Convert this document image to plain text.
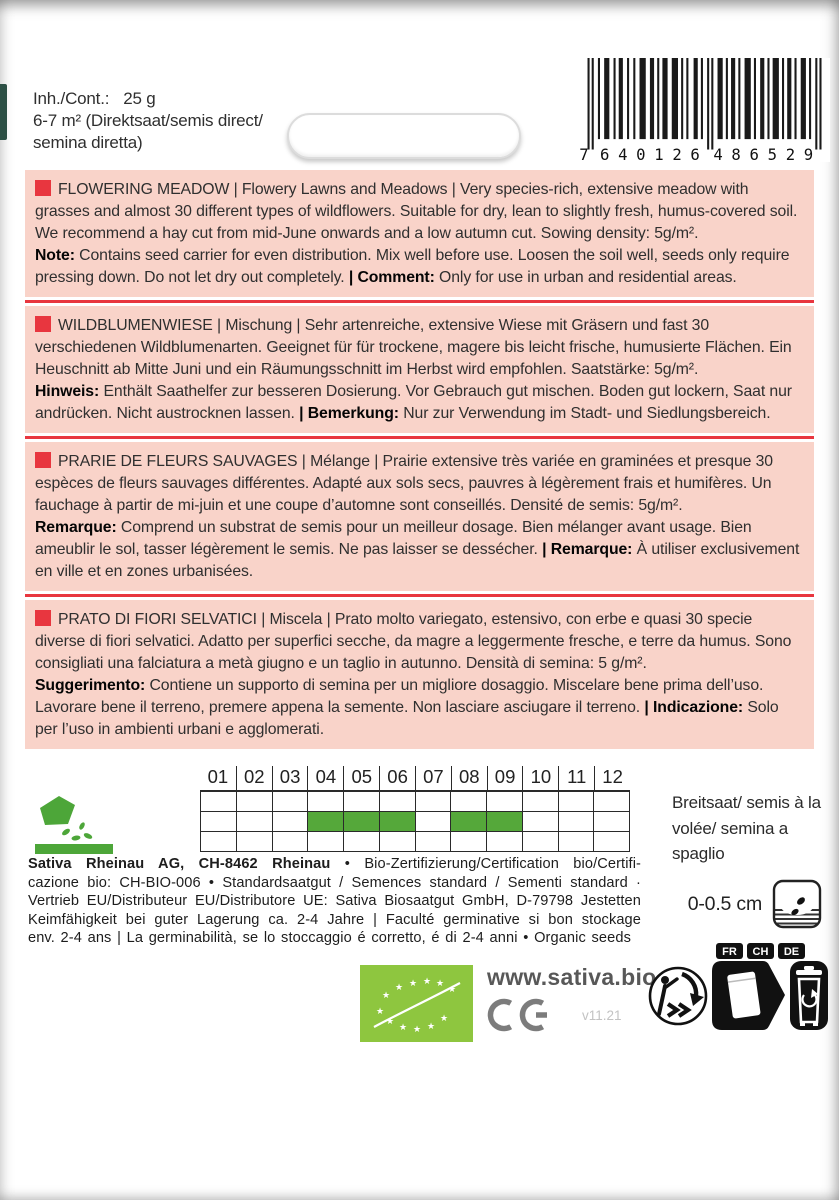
Inh./Cont.: 25 g
6-7 m² (Direktsaat/semis direct/
semina diretta)
7 640126 486529

FLOWERING MEADOW | Flowery Lawns and Meadows | Very species-rich, extensive meadow with grasses and almost 30 different types of wildflowers. Suitable for dry, lean to slightly fresh, humus-covered soil. We recommend a hay cut from mid-June onwards and a low autumn cut. Sowing density: 5g/m².

Note: Contains seed carrier for even distribution. Mix well before use. Loosen the soil well, seeds only require pressing down. Do not let dry out completely. | Comment: Only for use in urban and residential areas.

WILDBLUMENWIESE | Mischung | Sehr artenreiche, extensive Wiese mit Gräsern und fast 30 verschiedenen Wildblumenarten. Geeignet für für trockene, magere bis leicht frische, humusierte Flächen. Ein Heuschnitt ab Mitte Juni und ein Räumungsschnitt im Herbst wird empfohlen. Saatstärke: 5g/m².

Hinweis: Enthält Saathelfer zur besseren Dosierung. Vor Gebrauch gut mischen. Boden gut lockern, Saat nur andrücken. Nicht austrocknen lassen. | Bemerkung: Nur zur Verwendung im Stadt- und Siedlungsbereich.

PRARIE DE FLEURS SAUVAGES | Mélange | Prairie extensive très variée en graminées et presque 30 espèces de fleurs sauvages différentes. Adapté aux sols secs, pauvres à légèrement frais et humifères. Un fauchage à partir de mi-juin et une coupe d’automne sont conseillés. Densité de semis: 5g/m².

Remarque: Comprend un substrat de semis pour un meilleur dosage. Bien mélanger avant usage. Bien ameublir le sol, tasser légèrement le semis. Ne pas laisser se dessécher. | Remarque: À utiliser exclusivement en ville et en zones urbanisées.

PRATO DI FIORI SELVATICI | Miscela | Prato molto variegato, estensivo, con erbe e quasi 30 specie diverse di fiori selvatici. Adatto per superfici secche, da magre a leggermente fresche, e terre da humus. Sono consigliati una falciatura a metà giugno e un taglio in autunno. Densità di semina: 5 g/m².

Suggerimento: Contiene un supporto di semina per un migliore dosaggio. Miscelare bene prima dell’uso. Lavorare bene il terreno, premere appena la semente. Non lasciare asciugare il terreno. | Indicazione: Solo per l’uso in ambienti urbani e agglomerati.

01 02 03 04 05 06 07 08 09 10 11 12
Breitsaat/ semis à la volée/ semina a spaglio
0-0.5 cm
Sativa Rheinau AG, CH-8462 Rheinau • Bio-Zertifizierung/Certification bio/Certifi-
cazione bio: CH-BIO-006 • Standardsaatgut / Semences standard / Sementi standard ·
Vertrieb EU/Distributeur EU/Distributore UE: Sativa Biosaatgut GmbH, D-79798 Jestetten
Keimfähigkeit bei guter Lagerung ca. 2-4 Jahre | Faculté germinative si bon stockage
env. 2-4 ans | La germinabilità, se lo stoccaggio é corretto, é di 2-4 anni • Organic seeds
★
★ ★ ★ ★
★
★
★
★ ★ ★
★
www.sativa.bio
v11.21
FR CH DE
